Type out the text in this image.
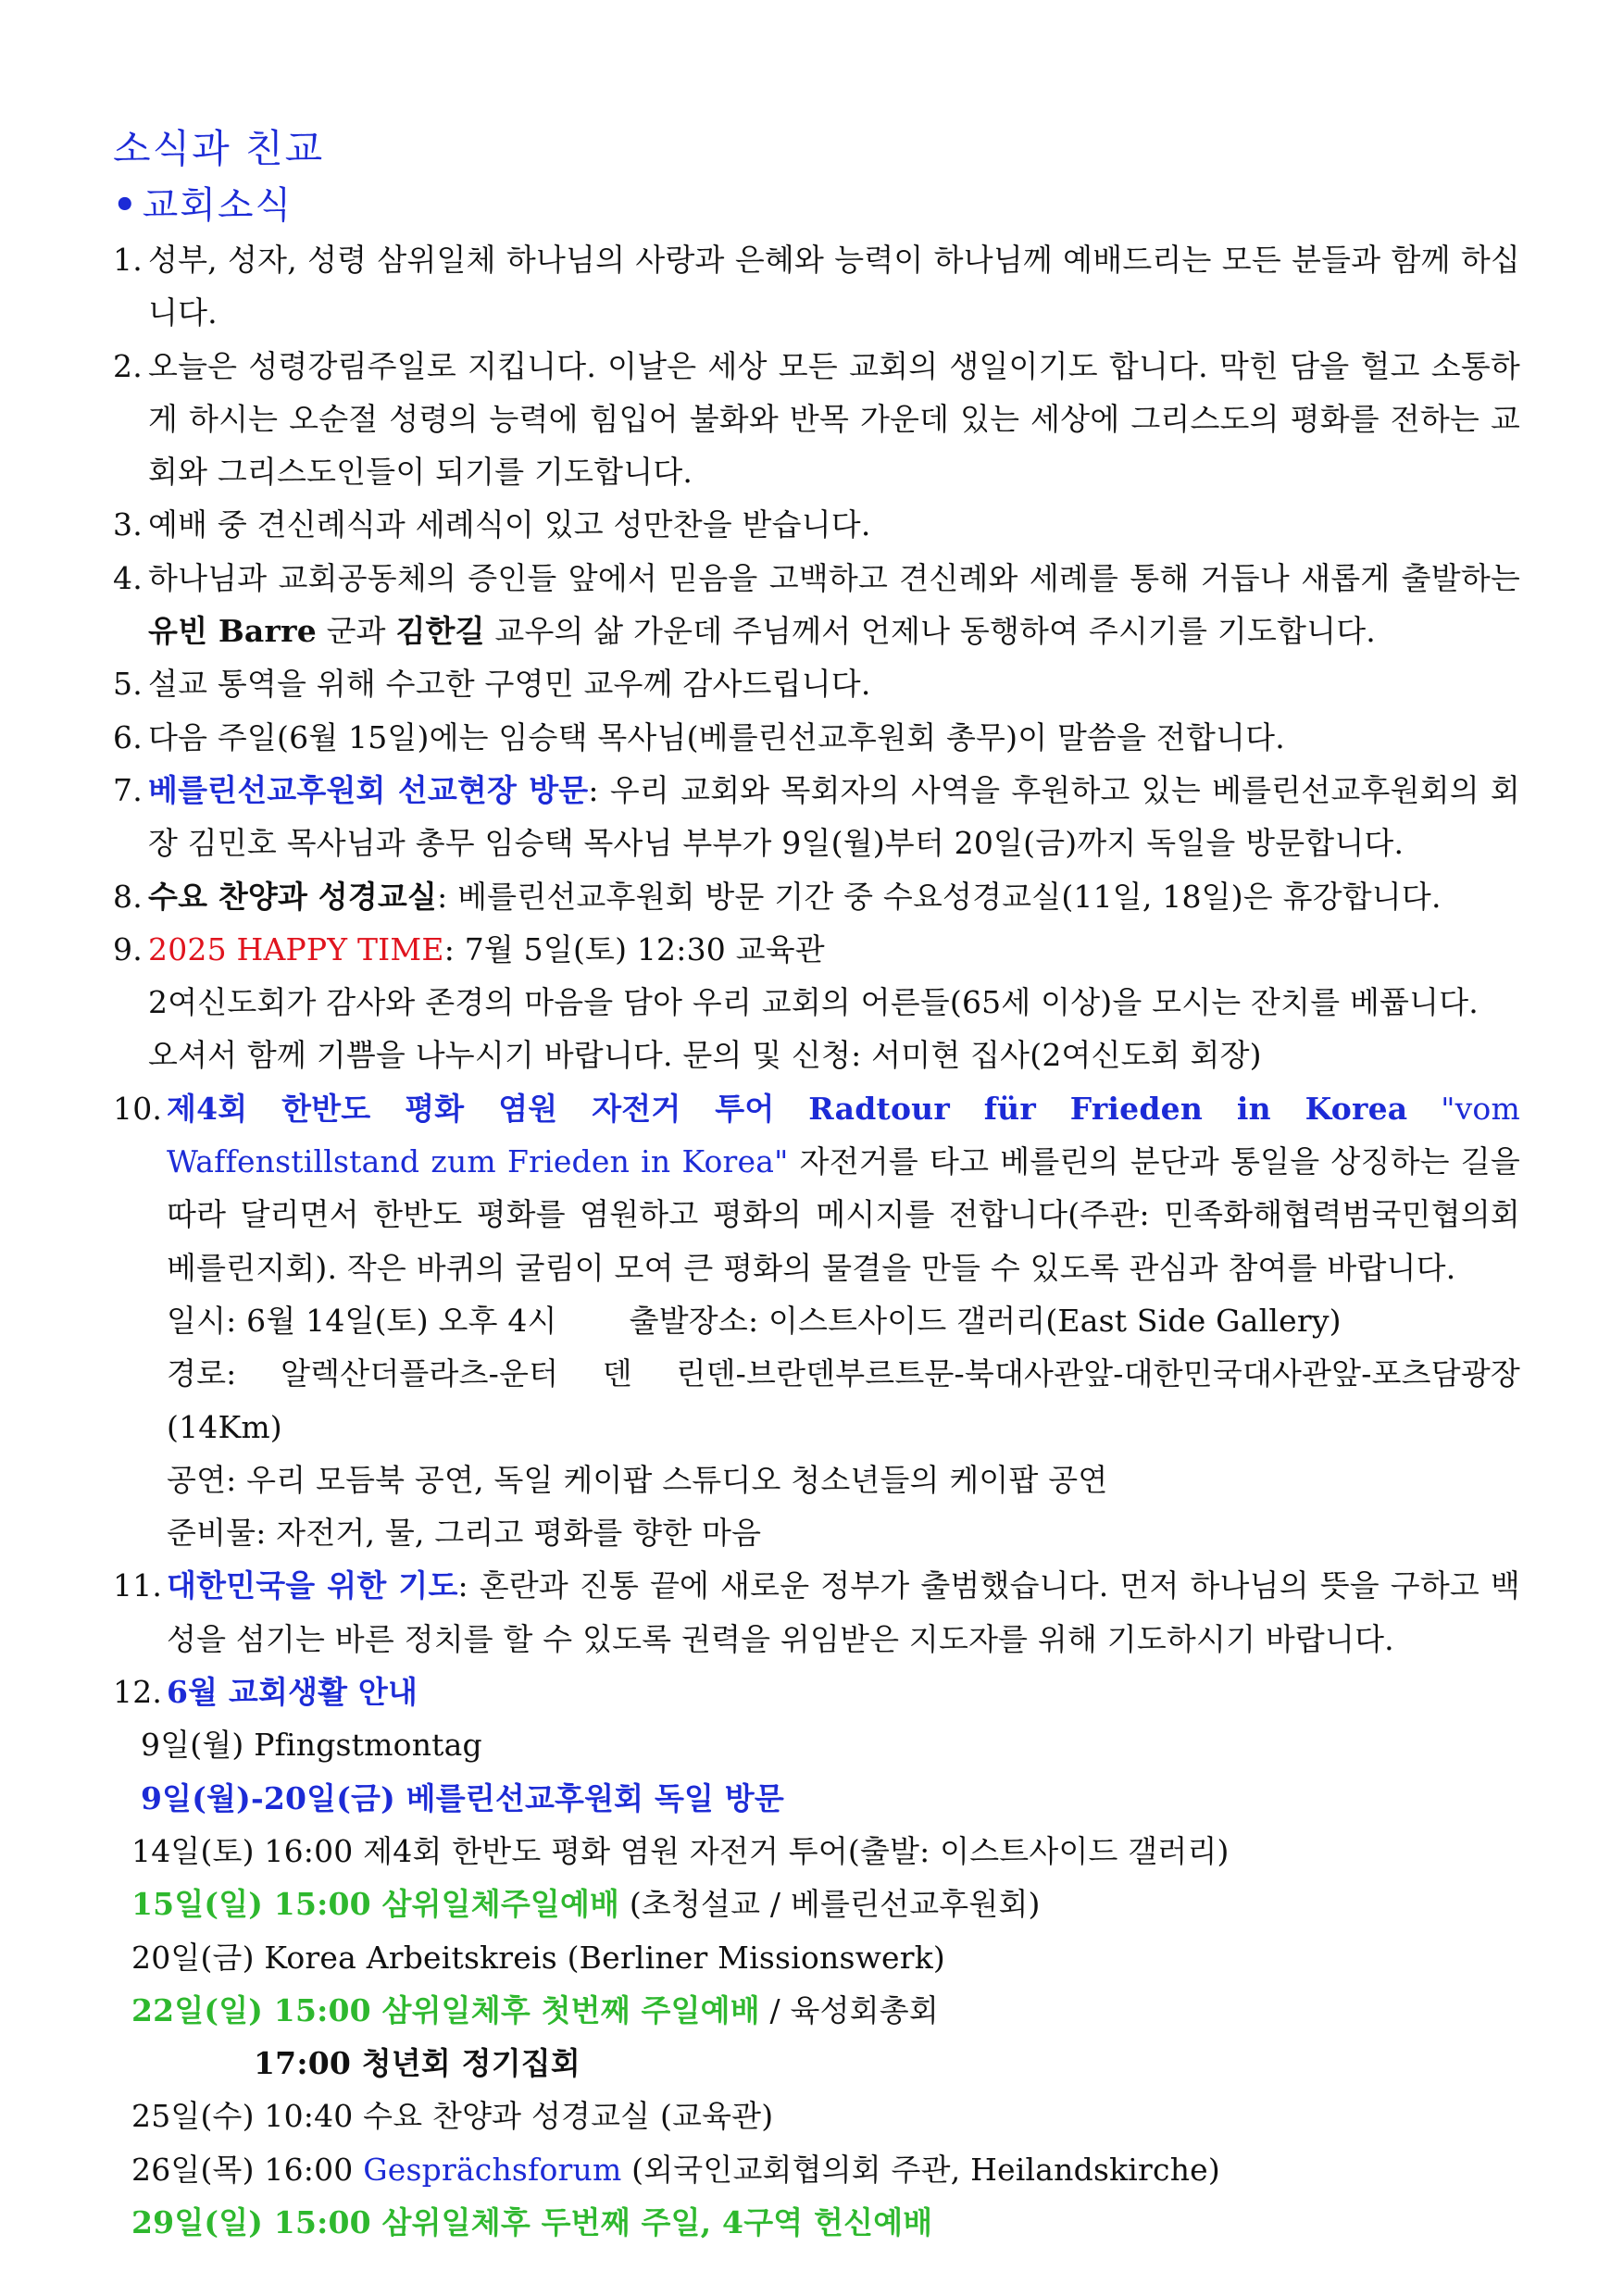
소식과 친교
• 교회소식
1. 성부, 성자, 성령 삼위일체 하나님의 사랑과 은혜와 능력이 하나님께 예배드리는 모든 분들과 함께 하십니다.
2. 오늘은 성령강림주일로 지킵니다. 이날은 세상 모든 교회의 생일이기도 합니다. 막힌 담을 헐고 소통하게 하시는 오순절 성령의 능력에 힘입어 불화와 반목 가운데 있는 세상에 그리스도의 평화를 전하는 교회와 그리스도인들이 되기를 기도합니다.
3. 예배 중 견신례식과 세례식이 있고 성만찬을 받습니다.
4. 하나님과 교회공동체의 증인들 앞에서 믿음을 고백하고 견신례와 세례를 통해 거듭나 새롭게 출발하는 유빈 Barre 군과 김한길 교우의 삶 가운데 주님께서 언제나 동행하여 주시기를 기도합니다.
5. 설교 통역을 위해 수고한 구영민 교우께 감사드립니다.
6. 다음 주일(6월 15일)에는 임승택 목사님(베를린선교후원회 총무)이 말씀을 전합니다.
7. 베를린선교후원회 선교현장 방문: 우리 교회와 목회자의 사역을 후원하고 있는 베를린선교후원회의 회장 김민호 목사님과 총무 임승택 목사님 부부가 9일(월)부터 20일(금)까지 독일을 방문합니다.
8. 수요 찬양과 성경교실: 베를린선교후원회 방문 기간 중 수요성경교실(11일, 18일)은 휴강합니다.
9. 2025 HAPPY TIME: 7월 5일(토) 12:30 교육관
2여신도회가 감사와 존경의 마음을 담아 우리 교회의 어른들(65세 이상)을 모시는 잔치를 베풉니다.
오셔서 함께 기쁨을 나누시기 바랍니다. 문의 및 신청: 서미현 집사(2여신도회 회장)
10. 제4회 한반도 평화 염원 자전거 투어 Radtour für Frieden in Korea "vom Waffenstillstand zum Frieden in Korea" 자전거를 타고 베를린의 분단과 통일을 상징하는 길을 따라 달리면서 한반도 평화를 염원하고 평화의 메시지를 전합니다(주관: 민족화해협력범국민협의회 베를린지회). 작은 바퀴의 굴림이 모여 큰 평화의 물결을 만들 수 있도록 관심과 참여를 바랍니다.
일시: 6월 14일(토) 오후 4시 출발장소: 이스트사이드 갤러리(East Side Gallery)
경로: 알렉산더플라츠-운터 덴 린덴-브란덴부르트문-북대사관앞-대한민국대사관앞-포츠담광장(14Km)
공연: 우리 모듬북 공연, 독일 케이팝 스튜디오 청소년들의 케이팝 공연
준비물: 자전거, 물, 그리고 평화를 향한 마음
11. 대한민국을 위한 기도: 혼란과 진통 끝에 새로운 정부가 출범했습니다. 먼저 하나님의 뜻을 구하고 백성을 섬기는 바른 정치를 할 수 있도록 권력을 위임받은 지도자를 위해 기도하시기 바랍니다.
12. 6월 교회생활 안내
9일(월) Pfingstmontag
9일(월)-20일(금) 베를린선교후원회 독일 방문
14일(토) 16:00 제4회 한반도 평화 염원 자전거 투어(출발: 이스트사이드 갤러리)
15일(일) 15:00 삼위일체주일예배 (초청설교 / 베를린선교후원회)
20일(금) Korea Arbeitskreis (Berliner Missionswerk)
22일(일) 15:00 삼위일체후 첫번째 주일예배 / 육성회총회
17:00 청년회 정기집회
25일(수) 10:40 수요 찬양과 성경교실 (교육관)
26일(목) 16:00 Gesprächsforum (외국인교회협의회 주관, Heilandskirche)
29일(일) 15:00 삼위일체후 두번째 주일, 4구역 헌신예배
